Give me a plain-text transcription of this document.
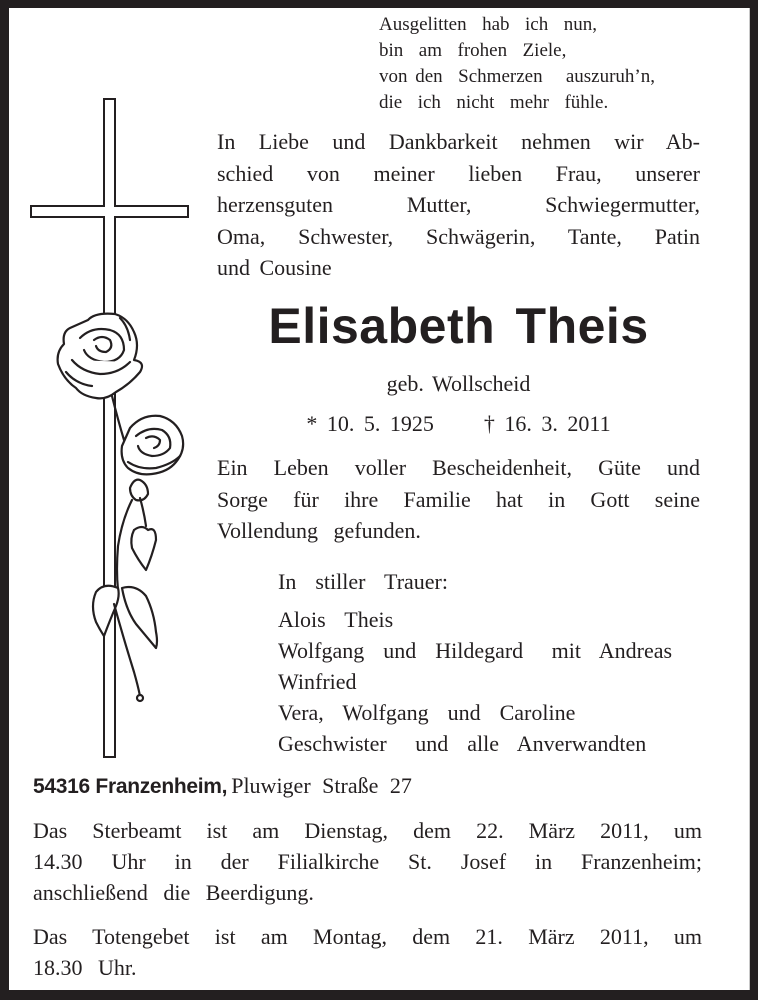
Ausgelitten  hab  ich  nun,
bin  am  frohen  Ziele,
von den  Schmerzen   auszuruh’n,
die  ich  nicht  mehr  fühle.
In Liebe und Dankbarkeit nehmen wir Ab-
schied von meiner lieben Frau, unserer
herzensguten Mutter, Schwiegermutter,
Oma, Schwester, Schwägerin, Tante, Patin
und Cousine
Elisabeth Theis
geb. Wollscheid
* 10. 5. 1925 † 16. 3. 2011
Ein Leben voller Bescheidenheit, Güte und
Sorge für ihre Familie hat in Gott seine
Vollendung gefunden.
In  stiller  Trauer:
Alois  Theis
Wolfgang  und  Hildegard   mit  Andreas
Winfried
Vera,  Wolfgang  und  Caroline
Geschwister   und  alle  Anverwandten
54316 Franzenheim, Pluwiger Straße 27
Das Sterbeamt ist am Dienstag, dem 22. März 2011, um
14.30 Uhr in der Filialkirche St. Josef in Franzenheim;
anschließend die Beerdigung.
Das Totengebet ist am Montag, dem 21. März 2011, um
18.30 Uhr.
